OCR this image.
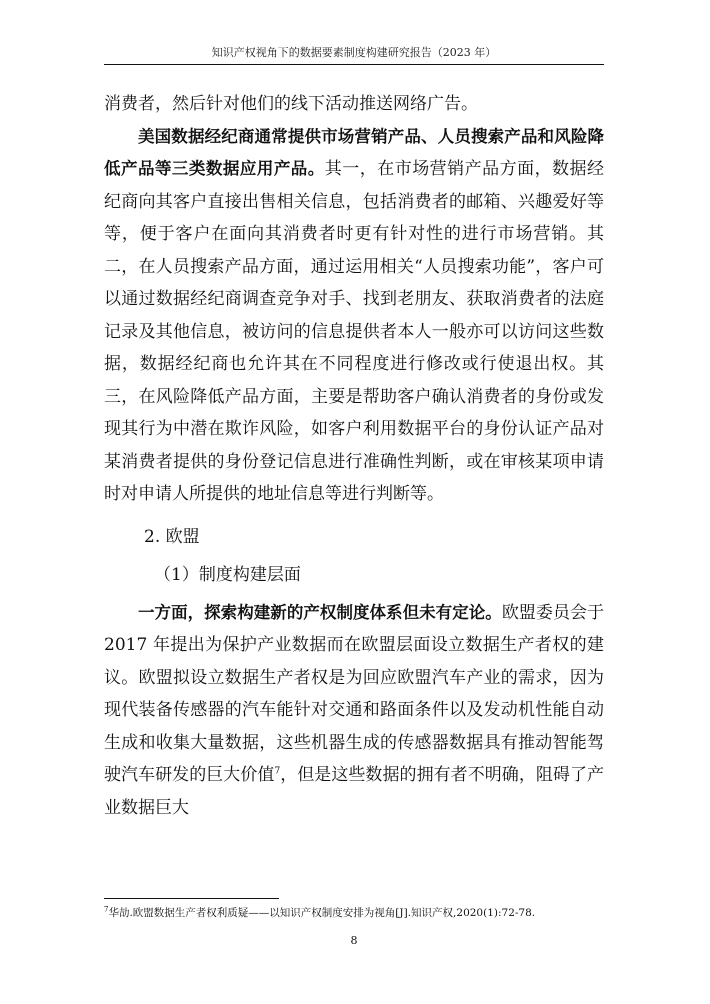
知识产权视角下的数据要素制度构建研究报告（2023 年）

消费者，然后针对他们的线下活动推送网络广告。

美国数据经纪商通常提供市场营销产品、人员搜索产品和风险降低产品等三类数据应用产品。其一，在市场营销产品方面，数据经纪商向其客户直接出售相关信息，包括消费者的邮箱、兴趣爱好等等，便于客户在面向其消费者时更有针对性的进行市场营销。其二，在人员搜索产品方面，通过运用相关“人员搜索功能”，客户可以通过数据经纪商调查竞争对手、找到老朋友、获取消费者的法庭记录及其他信息，被访问的信息提供者本人一般亦可以访问这些数据，数据经纪商也允许其在不同程度进行修改或行使退出权。其三，在风险降低产品方面，主要是帮助客户确认消费者的身份或发现其行为中潜在欺诈风险，如客户利用数据平台的身份认证产品对某消费者提供的身份登记信息进行准确性判断，或在审核某项申请时对申请人所提供的地址信息等进行判断等。

2. 欧盟

（1）制度构建层面

一方面，探索构建新的产权制度体系但未有定论。欧盟委员会于 2017 年提出为保护产业数据而在欧盟层面设立数据生产者权的建议。欧盟拟设立数据生产者权是为回应欧盟汽车产业的需求，因为现代装备传感器的汽车能针对交通和路面条件以及发动机性能自动生成和收集大量数据，这些机器生成的传感器数据具有推动智能驾驶汽车研发的巨大价值$^7$，但是这些数据的拥有者不明确，阻碍了产业数据巨大

$^7$华劼.欧盟数据生产者权利质疑——以知识产权制度安排为视角[J].知识产权,2020(1):72-78.
8
